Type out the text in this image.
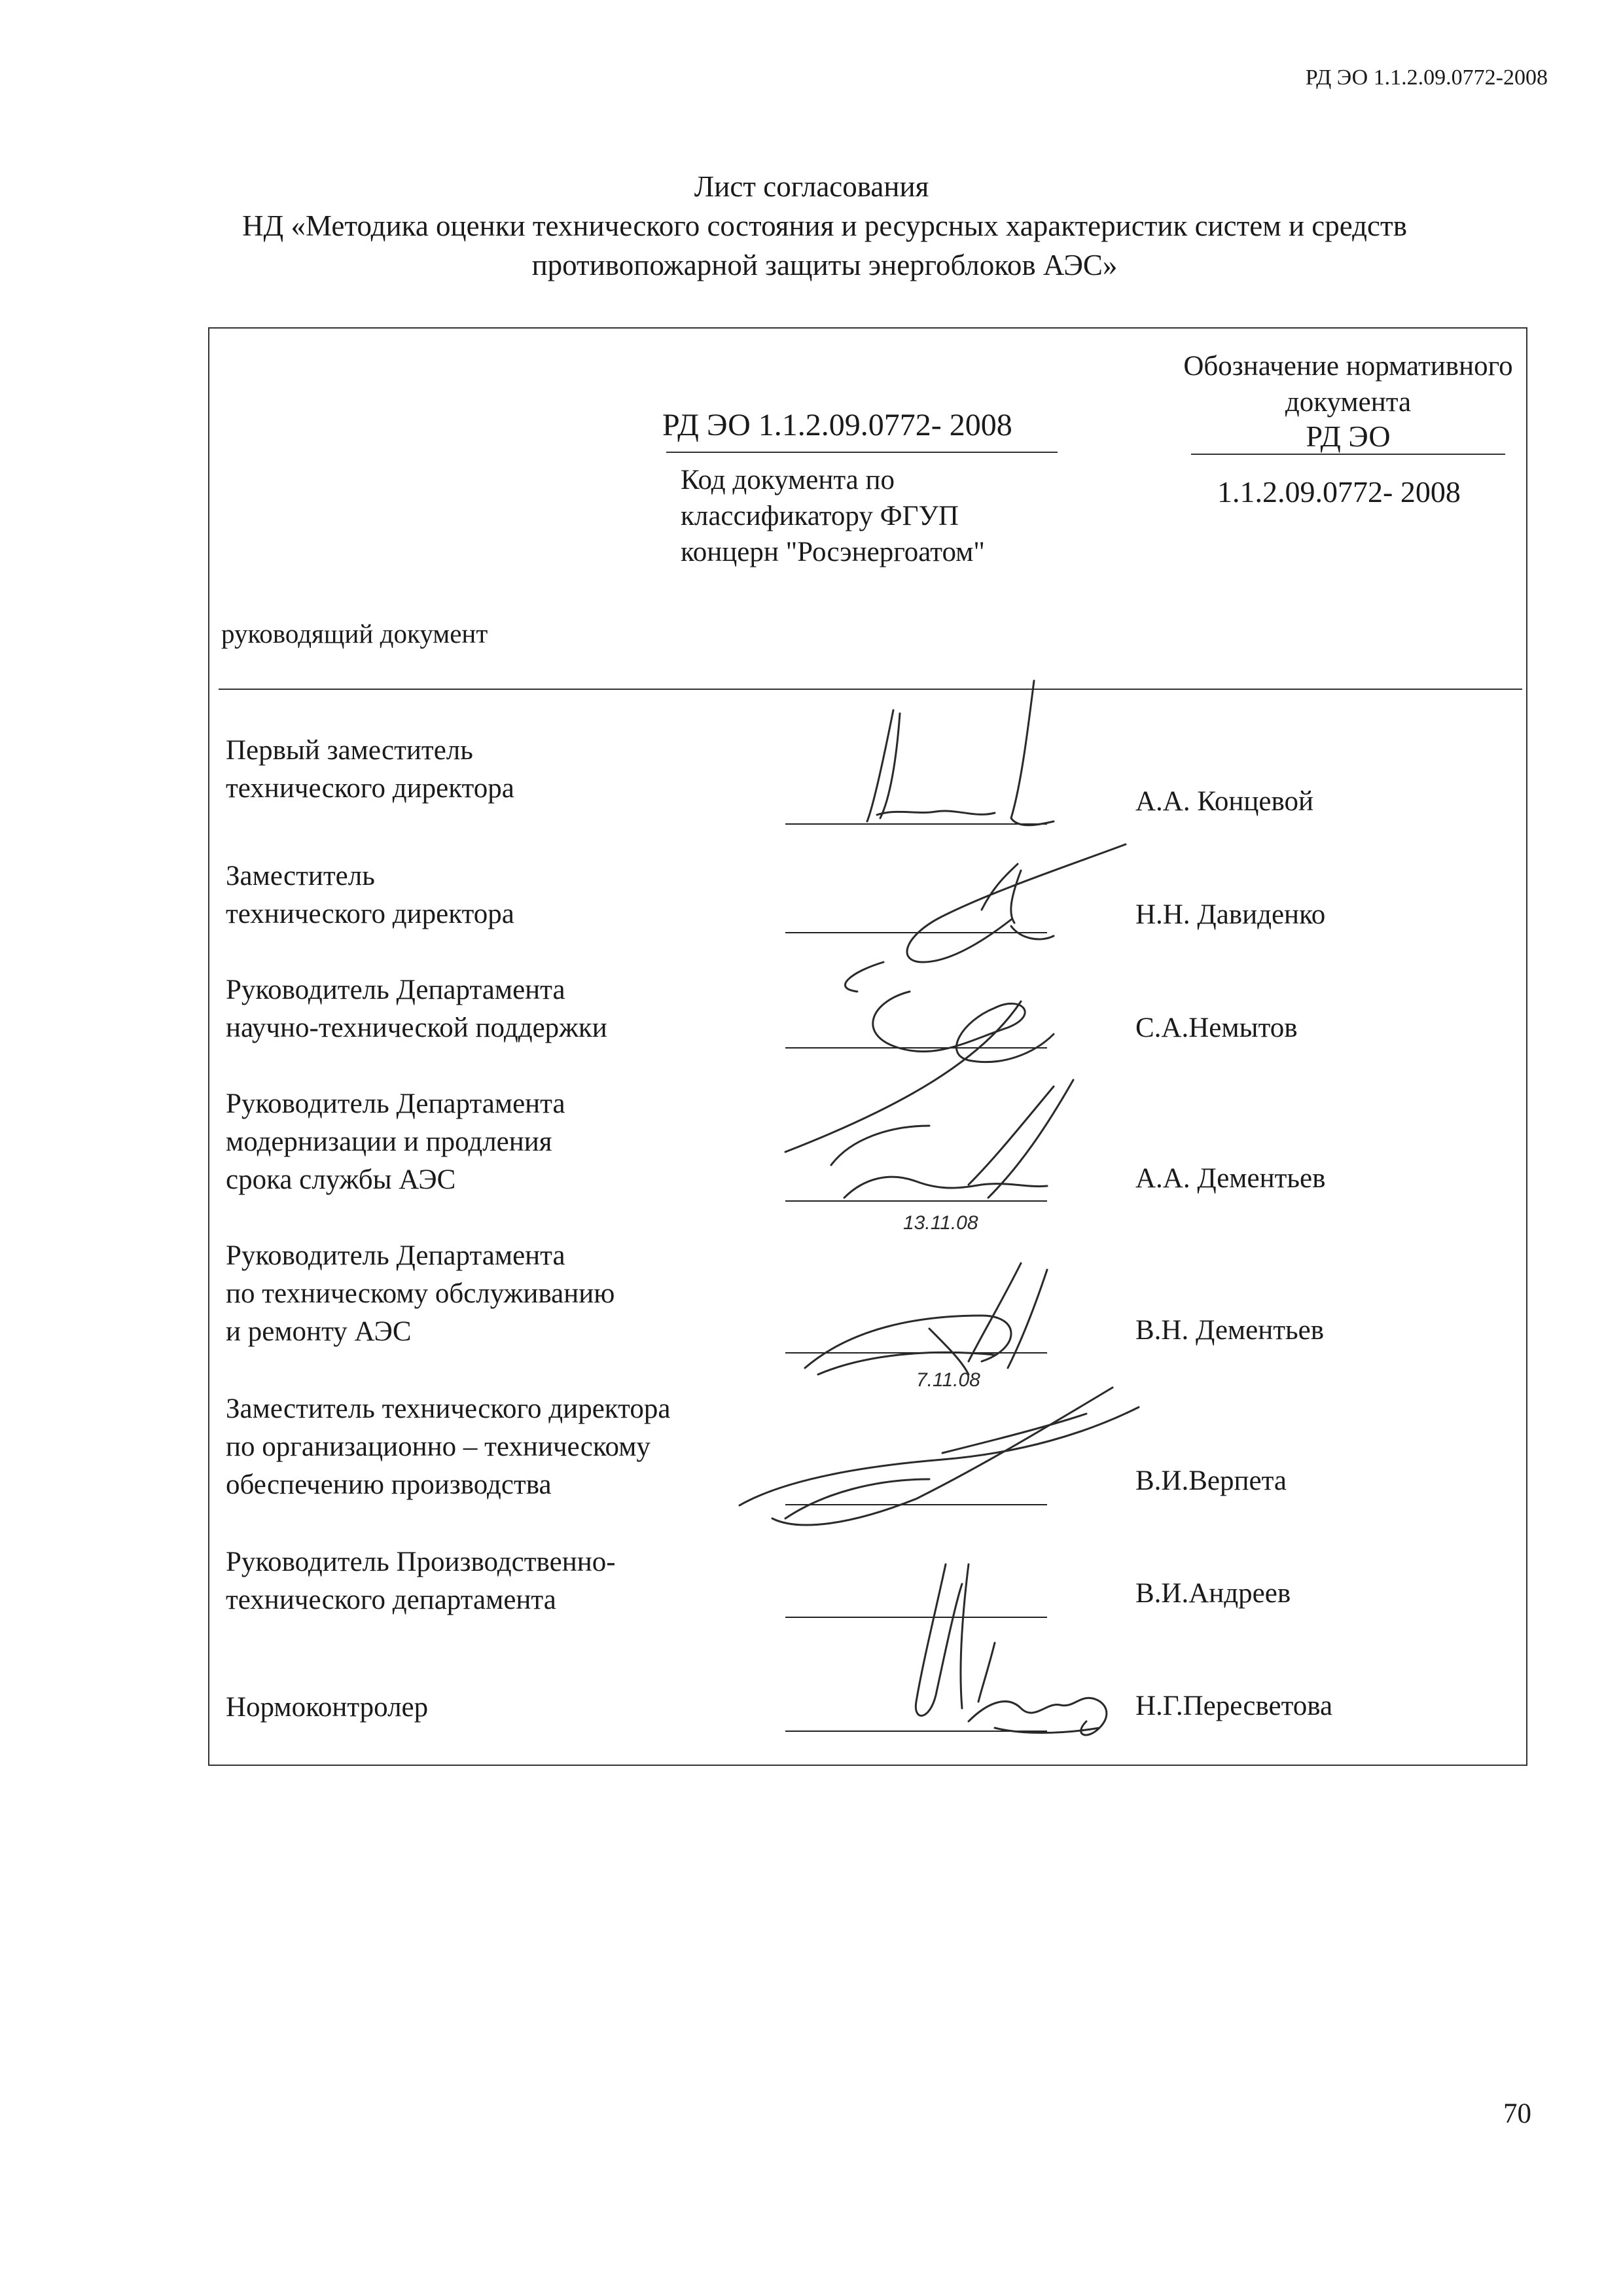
РД ЭО 1.1.2.09.0772-2008
Лист согласования
НД «Методика оценки технического состояния и ресурсных характеристик систем и средств
противопожарной защиты энергоблоков АЭС»
РД ЭО 1.1.2.09.0772- 2008
Код документа по
классификатору ФГУП
концерн "Росэнергоатом"
Обозначение нормативного
документа
РД ЭО
1.1.2.09.0772- 2008
руководящий документ
Первый заместитель
технического директора	А.А. Концевой
Заместитель
технического директора	Н.Н. Давиденко
Руководитель Департамента
научно-технической поддержки	С.А.Немытов
Руководитель Департамента
модернизации и продления
срока службы АЭС	А.А. Дементьев
Руководитель Департамента
по техническому обслуживанию
и ремонту АЭС	В.Н. Дементьев
Заместитель технического директора
по организационно – техническому
обеспечению производства	В.И.Верпета
Руководитель Производственно-
технического департамента	В.И.Андреев
Нормоконтролер	Н.Г.Пересветова
13.11.08
7.11.08
70
